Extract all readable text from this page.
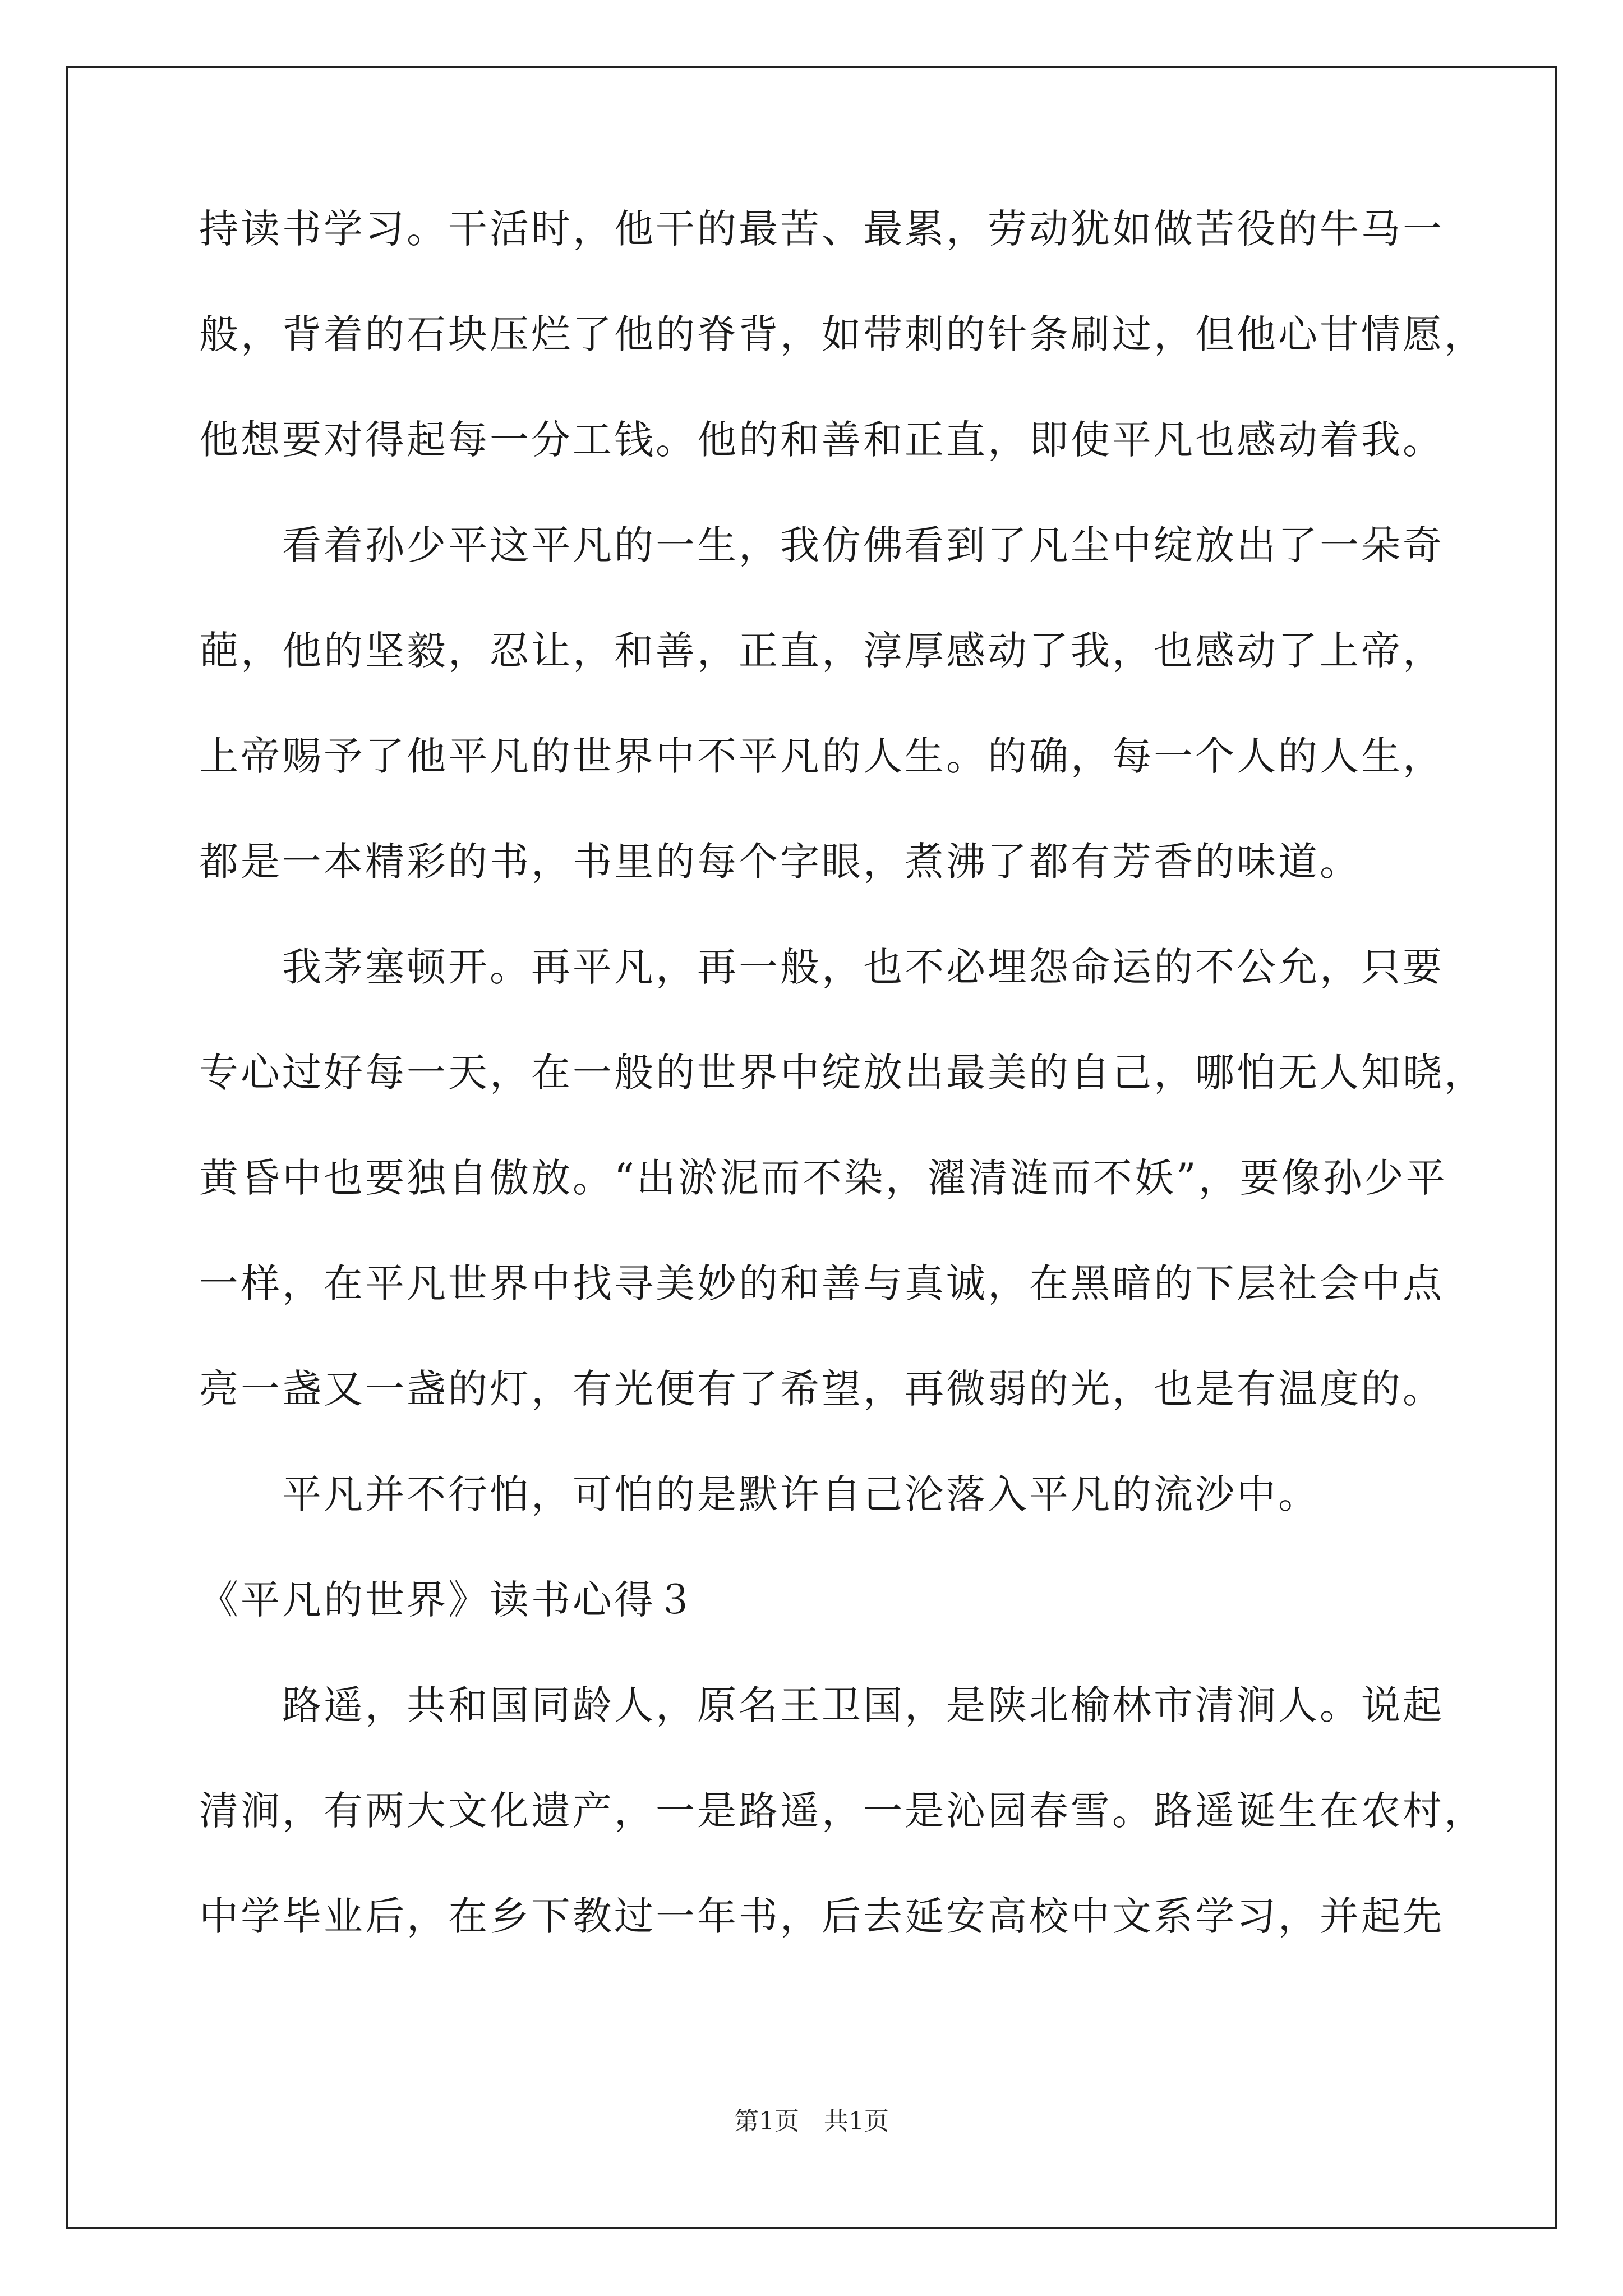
持读书学习。干活时，他干的最苦、最累，劳动犹如做苦役的牛马一
般，背着的石块压烂了他的脊背，如带刺的针条刷过，但他心甘情愿，
他想要对得起每一分工钱。他的和善和正直，即使平凡也感动着我。
看着孙少平这平凡的一生，我仿佛看到了凡尘中绽放出了一朵奇
葩，他的坚毅，忍让，和善，正直，淳厚感动了我，也感动了上帝，
上帝赐予了他平凡的世界中不平凡的人生。的确，每一个人的人生，
都是一本精彩的书，书里的每个字眼，煮沸了都有芳香的味道。
我茅塞顿开。再平凡，再一般，也不必埋怨命运的不公允，只要
专心过好每一天，在一般的世界中绽放出最美的自己，哪怕无人知晓，
黄昏中也要独自傲放。“出淤泥而不染，濯清涟而不妖”，要像孙少平
一样，在平凡世界中找寻美妙的和善与真诚，在黑暗的下层社会中点
亮一盏又一盏的灯，有光便有了希望，再微弱的光，也是有温度的。
平凡并不行怕，可怕的是默许自己沦落入平凡的流沙中。
《平凡的世界》读书心得３
路遥，共和国同龄人，原名王卫国，是陕北榆林市清涧人。说起
清涧，有两大文化遗产，一是路遥，一是沁园春雪。路遥诞生在农村，
中学毕业后，在乡下教过一年书，后去延安高校中文系学习，并起先
第1页　共1页
